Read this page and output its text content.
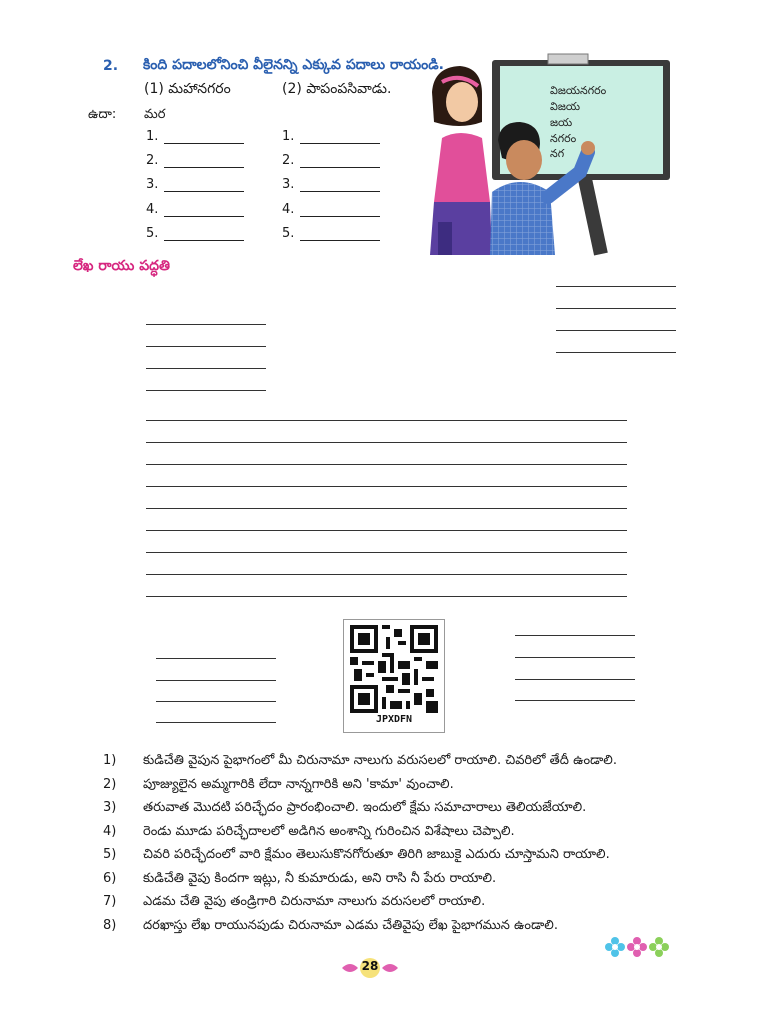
2. కింది పదాలలోనించి వీలైనన్ని ఎక్కువ పదాలు రాయండి.
(1) మహానగరం	(2) పాపంపసివాడు.
ఉదా: మర
1.
2.
3.
4.
5.
1.
2.
3.
4.
5.
విజయనగరం
విజయ
జయ
నగరం
నగ
లేఖ రాయు పద్ధతి
JPXDFN
1)	కుడిచేతి వైపున పైభాగంలో మీ చిరునామా నాలుగు వరుసలలో రాయాలి. చివరిలో తేదీ ఉండాలి.
2)	పూజ్యులైన అమ్మగారికి లేదా నాన్నగారికి అని 'కామా' వుంచాలి.
3)	తరువాత మొదటి పరిచ్ఛేదం ప్రారంభించాలి. ఇందులో క్షేమ సమాచారాలు తెలియజేయాలి.
4)	రెండు మూడు పరిచ్ఛేదాలలో అడిగిన అంశాన్ని గురించిన విశేషాలు చెప్పాలి.
5)	చివరి పరిచ్ఛేదంలో వారి క్షేమం తెలుసుకొనగోరుతూ తిరిగి జాబుకై ఎదురు చూస్తామని రాయాలి.
6)	కుడిచేతి వైపు కిందగా ఇట్లు, నీ కుమారుడు, అని రాసి నీ పేరు రాయాలి.
7)	ఎడమ చేతి వైపు తండ్రిగారి చిరునామా నాలుగు వరుసలలో రాయాలి.
8)	దరఖాస్తు లేఖ రాయునపుడు చిరునామా ఎడమ చేతివైపు లేఖ పైభాగమున ఉండాలి.
28
